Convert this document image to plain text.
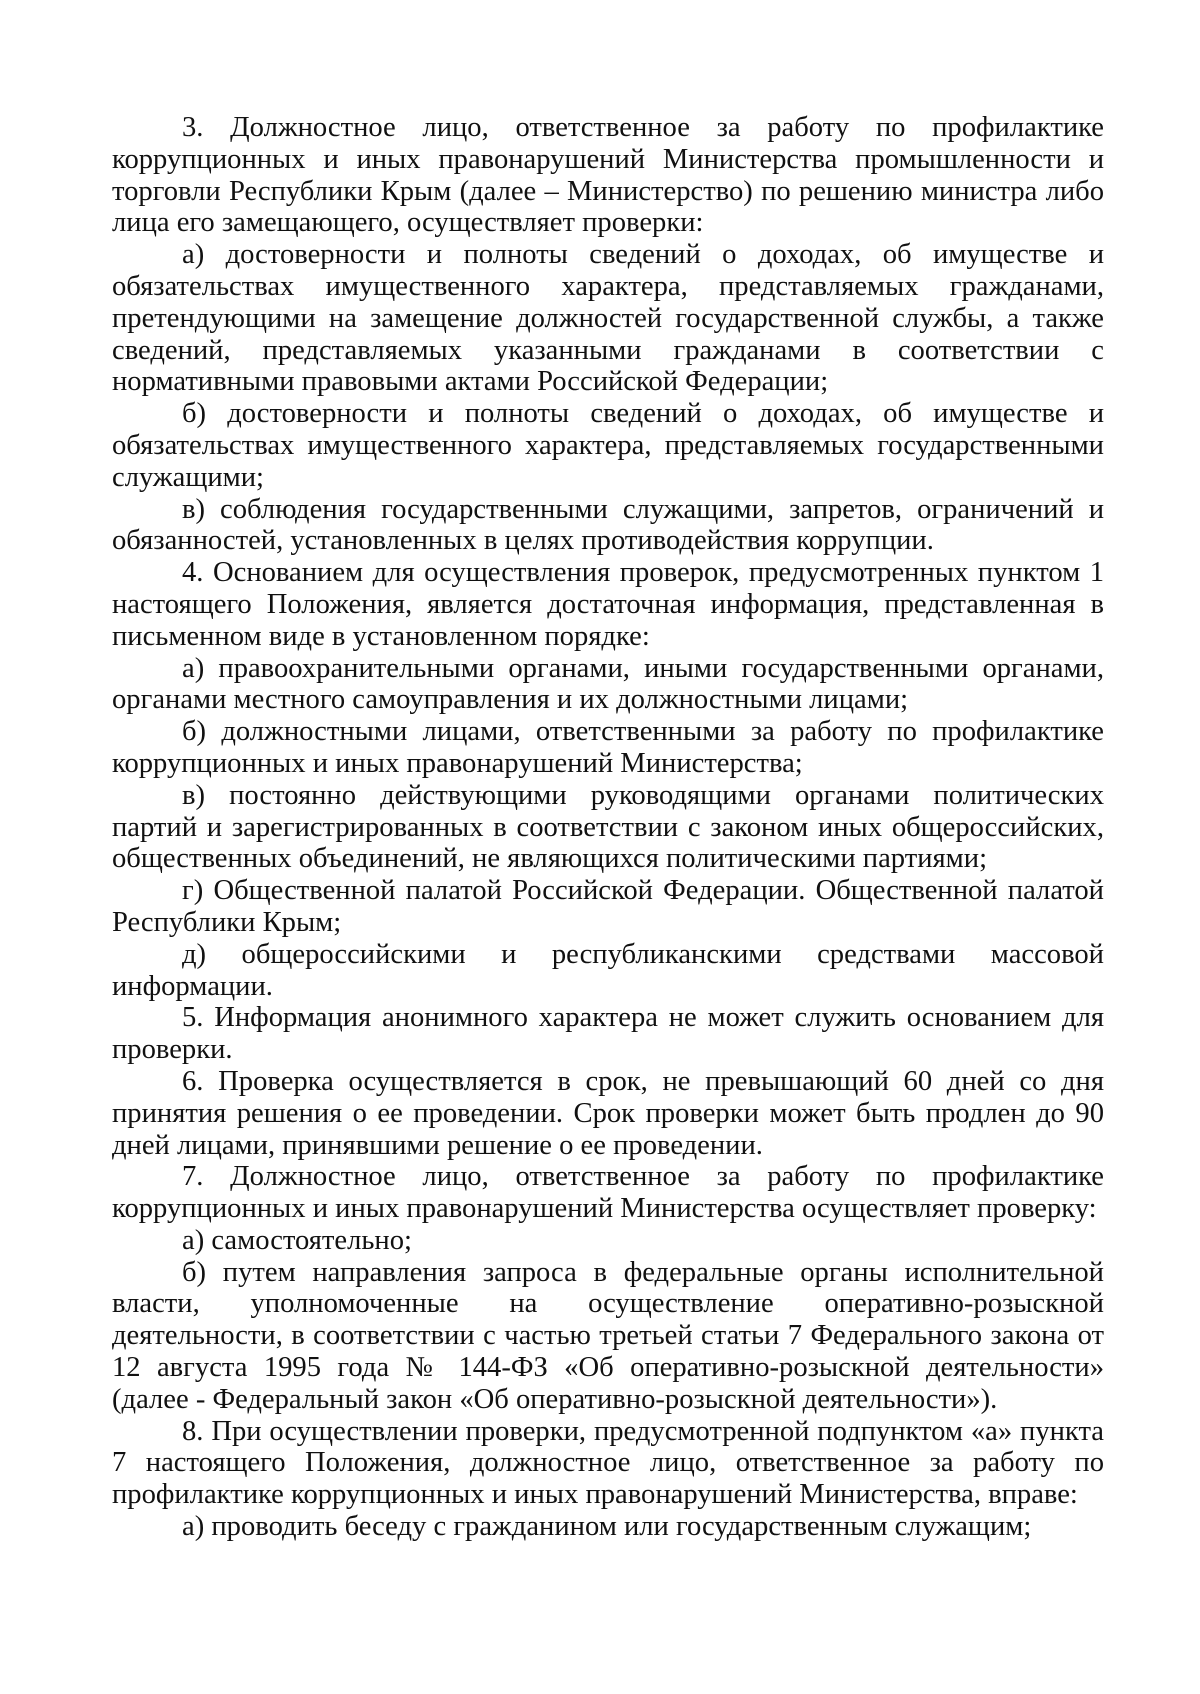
3. Должностное лицо, ответственное за работу по профилактике коррупционных и иных правонарушений Министерства промышленности и торговли Республики Крым (далее – Министерство) по решению министра либо лица его замещающего, осуществляет проверки:

а) достоверности и полноты сведений о доходах, об имуществе и обязательствах имущественного характера, представляемых гражданами, претендующими на замещение должностей государственной службы, а также сведений, представляемых указанными гражданами в соответствии с нормативными правовыми актами Российской Федерации;

б) достоверности и полноты сведений о доходах, об имуществе и обязательствах имущественного характера, представляемых государственными служащими;

в) соблюдения государственными служащими, запретов, ограничений и обязанностей, установленных в целях противодействия коррупции.

4. Основанием для осуществления проверок, предусмотренных пунктом 1 настоящего Положения, является достаточная информация, представленная в письменном виде в установленном порядке:

а) правоохранительными органами, иными государственными органами, органами местного самоуправления и их должностными лицами;

б) должностными лицами, ответственными за работу по профилактике коррупционных и иных правонарушений Министерства;

в) постоянно действующими руководящими органами политических партий и зарегистрированных в соответствии с законом иных общероссийских, общественных объединений, не являющихся политическими партиями;

г) Общественной палатой Российской Федерации. Общественной палатой Республики Крым;

д) общероссийскими и республиканскими средствами массовой информации.

5. Информация анонимного характера не может служить основанием для проверки.

6. Проверка осуществляется в срок, не превышающий 60 дней со дня принятия решения о ее проведении. Срок проверки может быть продлен до 90 дней лицами, принявшими решение о ее проведении.

7. Должностное лицо, ответственное за работу по профилактике коррупционных и иных правонарушений Министерства осуществляет проверку:

а) самостоятельно;

б) путем направления запроса в федеральные органы исполнительной власти, уполномоченные на осуществление оперативно-розыскной деятельности, в соответствии с частью третьей статьи 7 Федерального закона от 12 августа 1995 года № 144-ФЗ «Об оперативно-розыскной деятельности» (далее - Федеральный закон «Об оперативно-розыскной деятельности»).

8. При осуществлении проверки, предусмотренной подпунктом «а» пункта 7 настоящего Положения, должностное лицо, ответственное за работу по профилактике коррупционных и иных правонарушений Министерства, вправе:

а) проводить беседу с гражданином или государственным служащим;
